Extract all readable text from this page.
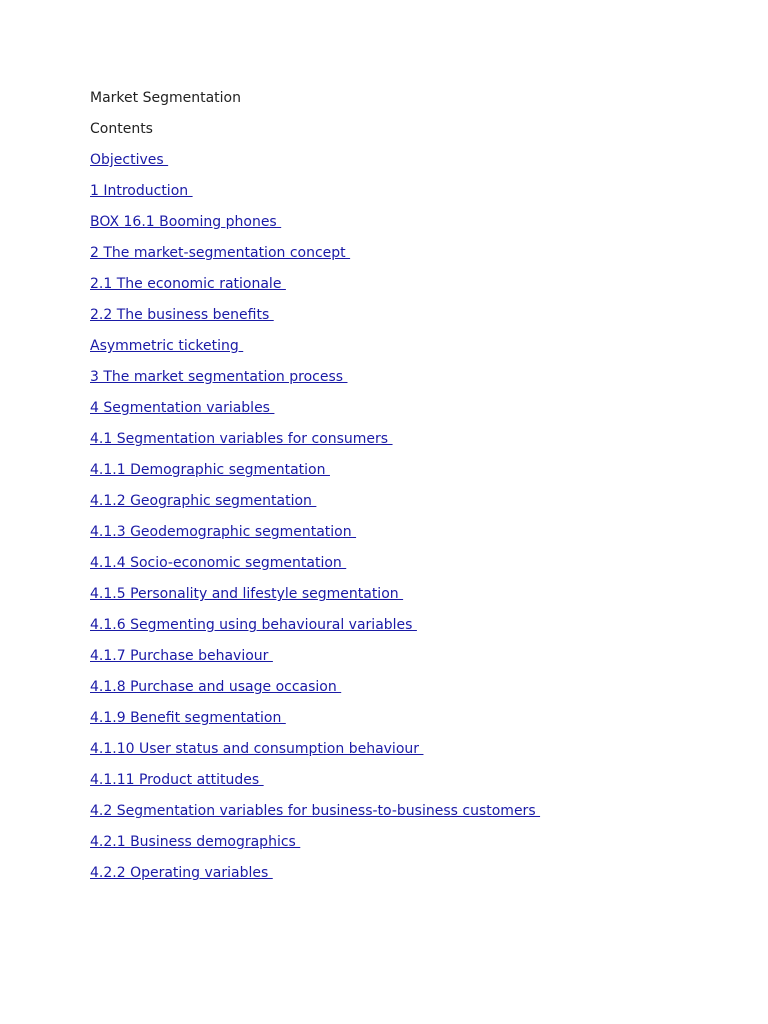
Market Segmentation
Contents
Objectives
1 Introduction
BOX 16.1 Booming phones
2 The market-segmentation concept
2.1 The economic rationale
2.2 The business benefits
Asymmetric ticketing
3 The market segmentation process
4 Segmentation variables
4.1 Segmentation variables for consumers
4.1.1 Demographic segmentation
4.1.2 Geographic segmentation
4.1.3 Geodemographic segmentation
4.1.4 Socio-economic segmentation
4.1.5 Personality and lifestyle segmentation
4.1.6 Segmenting using behavioural variables
4.1.7 Purchase behaviour
4.1.8 Purchase and usage occasion
4.1.9 Benefit segmentation
4.1.10 User status and consumption behaviour
4.1.11 Product attitudes
4.2 Segmentation variables for business-to-business customers
4.2.1 Business demographics
4.2.2 Operating variables
